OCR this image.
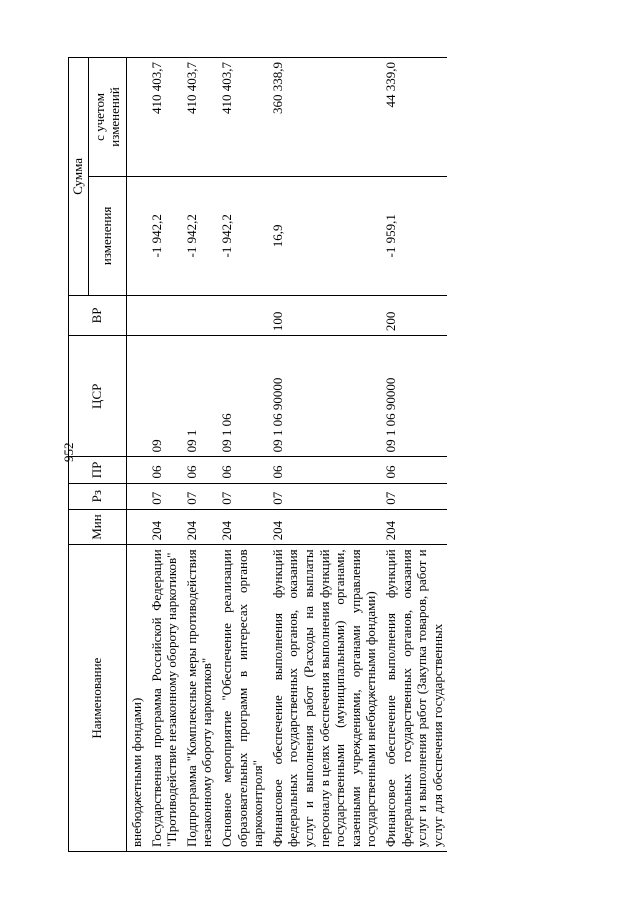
952
Наименование	Мин	Рз	ПР	ЦСР	ВР	Сумма	
						изменения	с учетом изменений
внебюджетными фондами)							
Государственная программа Российской Федерации "Противодействие незаконному обороту наркотиков"	204	07	06	09		-1 942,2	410 403,7
Подпрограмма "Комплексные меры противодействия незаконному обороту наркотиков"	204	07	06	09 1		-1 942,2	410 403,7
Основное мероприятие "Обеспечение реализации образовательных программ в интересах органов наркоконтроля"	204	07	06	09 1 06		-1 942,2	410 403,7
Финансовое обеспечение выполнения функций федеральных государственных органов, оказания услуг и выполнения работ (Расходы на выплаты персоналу в целях обеспечения выполнения функций государственными (муниципальными) органами, казенными учреждениями, органами управления государственными внебюджетными фондами)	204	07	06	09 1 06 90000	100	16,9	360 338,9
Финансовое обеспечение выполнения функций федеральных государственных органов, оказания услуг и выполнения работ (Закупка товаров, работ и услуг для обеспечения государственных	204	07	06	09 1 06 90000	200	-1 959,1	44 339,0
